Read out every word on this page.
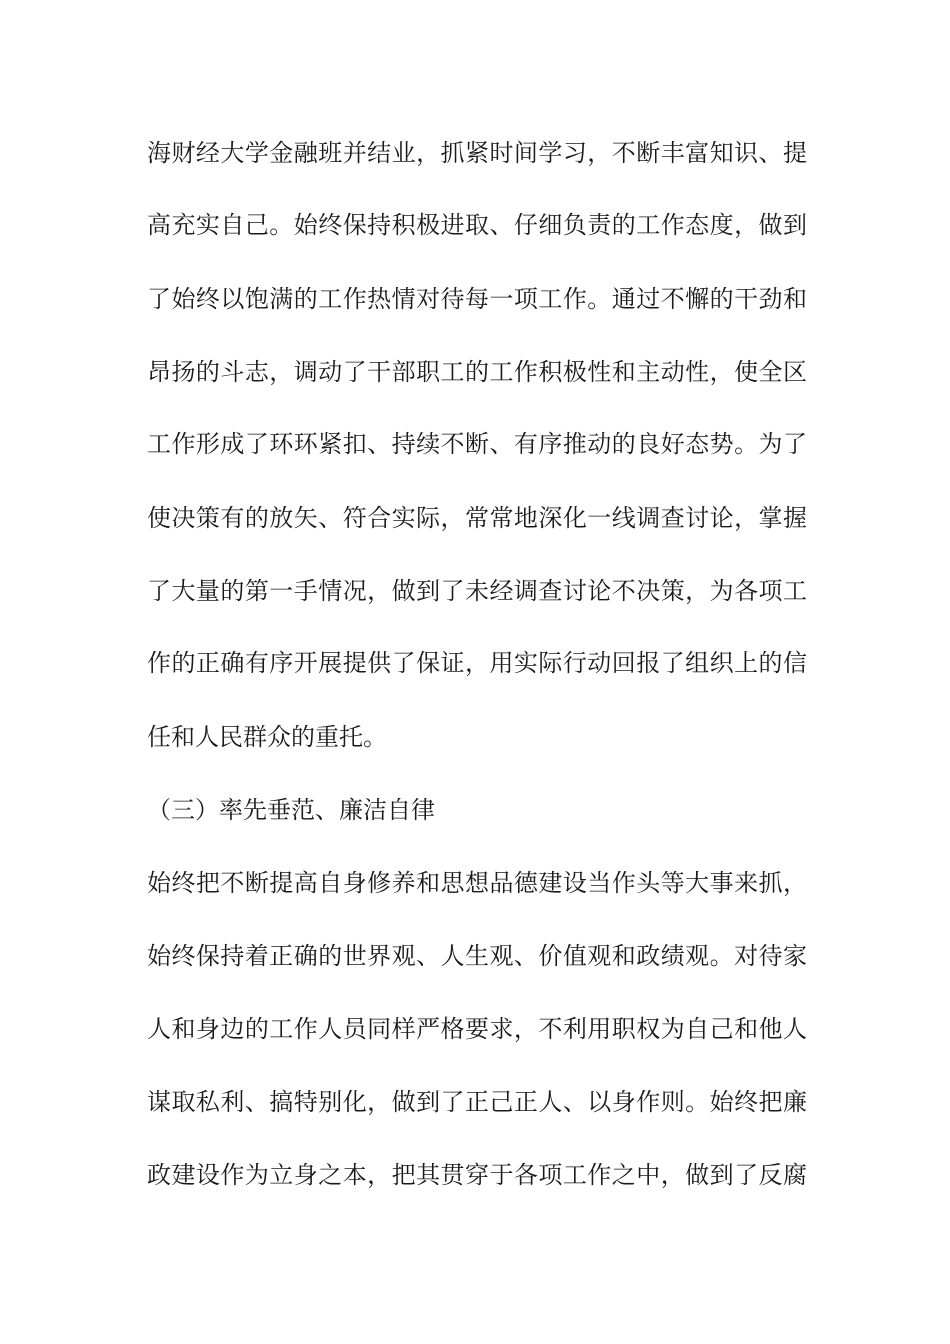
海财经大学金融班并结业，抓紧时间学习，不断丰富知识、提
高充实自己。始终保持积极进取、仔细负责的工作态度，做到
了始终以饱满的工作热情对待每一项工作。通过不懈的干劲和
昂扬的斗志，调动了干部职工的工作积极性和主动性，使全区
工作形成了环环紧扣、持续不断、有序推动的良好态势。为了
使决策有的放矢、符合实际，常常地深化一线调查讨论，掌握
了大量的第一手情况，做到了未经调查讨论不决策，为各项工
作的正确有序开展提供了保证，用实际行动回报了组织上的信
任和人民群众的重托。
（三）率先垂范、廉洁自律
始终把不断提高自身修养和思想品德建设当作头等大事来抓，
始终保持着正确的世界观、人生观、价值观和政绩观。对待家
人和身边的工作人员同样严格要求，不利用职权为自己和他人
谋取私利、搞特别化，做到了正己正人、以身作则。始终把廉
政建设作为立身之本，把其贯穿于各项工作之中，做到了反腐
